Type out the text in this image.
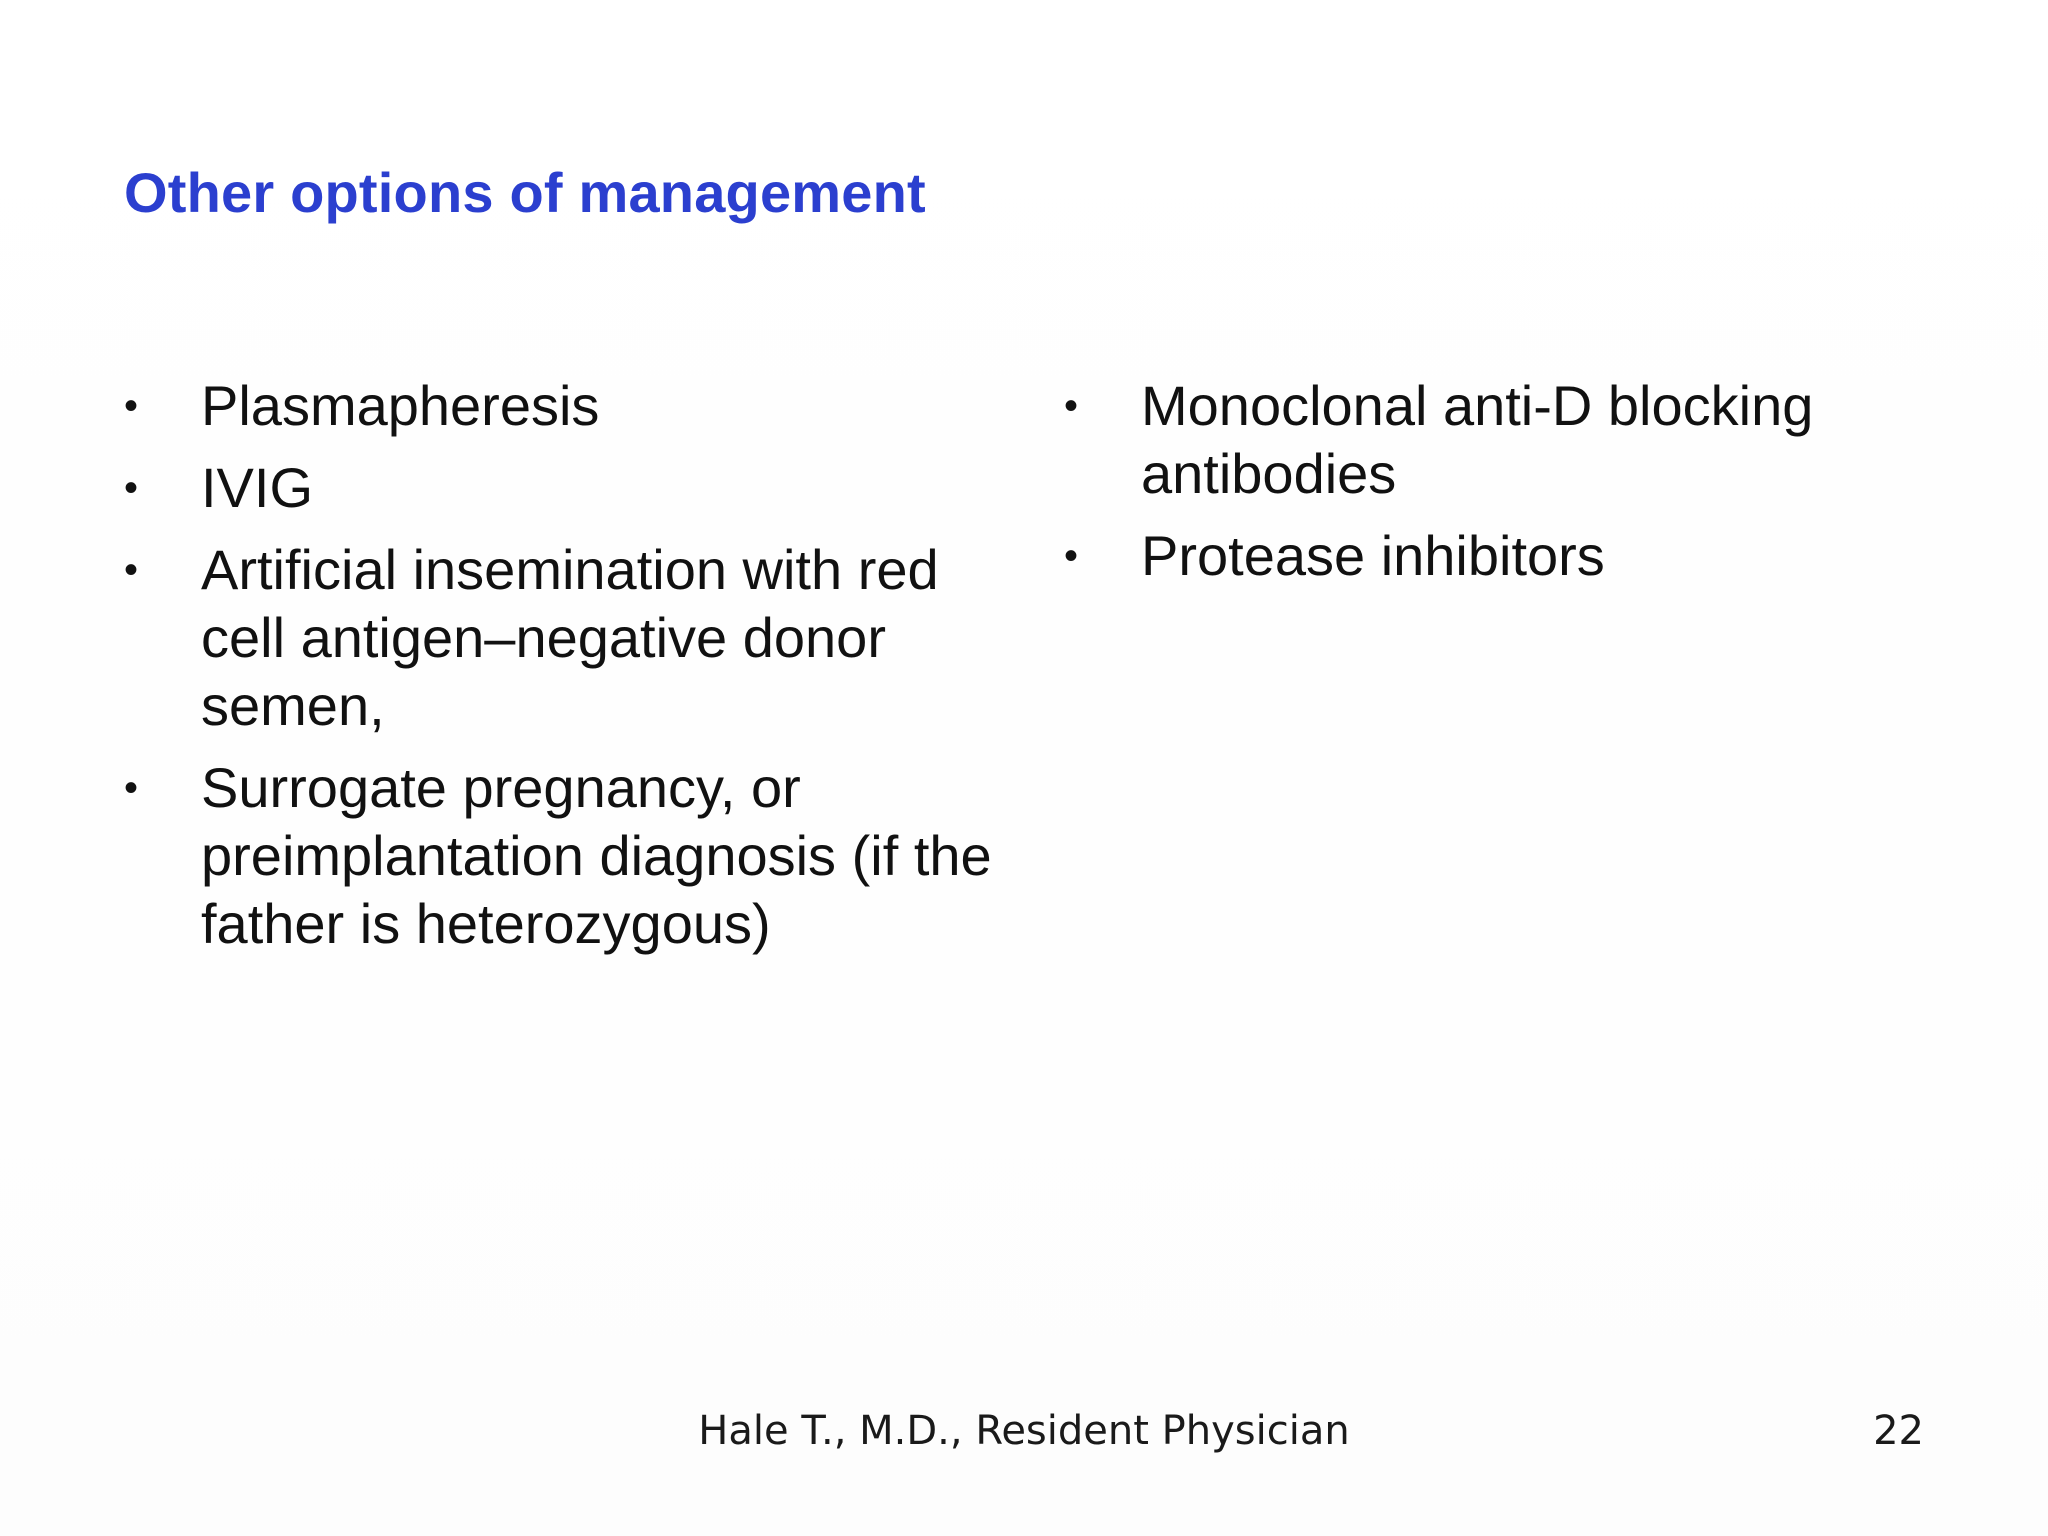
Other options of management
• Plasmapheresis
• IVIG
• Artificial insemination with red cell antigen–negative donor semen,
• Surrogate pregnancy, or preimplantation diagnosis (if the father is heterozygous)
• Monoclonal anti-D blocking antibodies
• Protease inhibitors
Hale T., M.D., Resident Physician	22
